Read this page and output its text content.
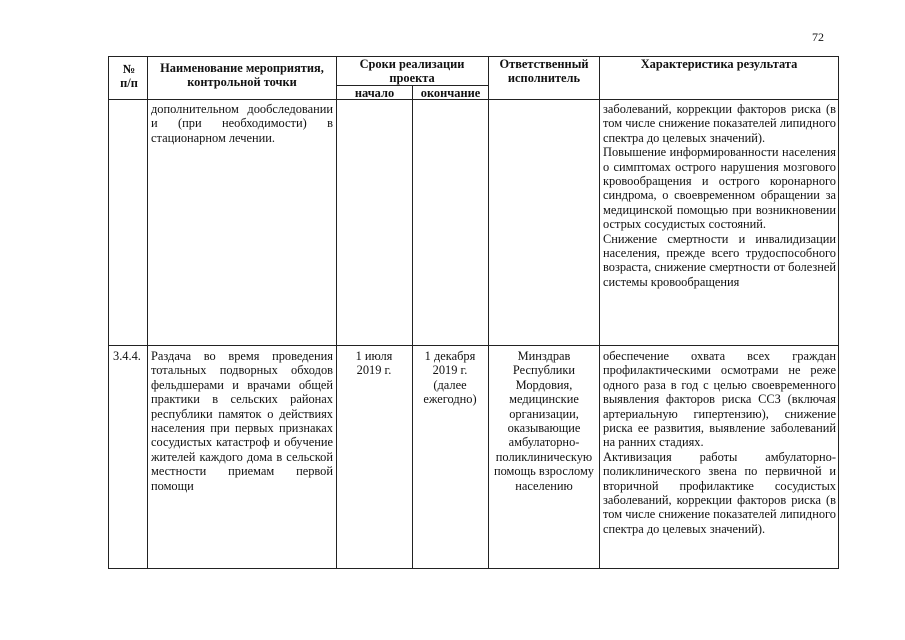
72
№ п/п
Наименование мероприятия, контрольной точки
Сроки реализации проекта
начало	окончание
Ответственный исполнитель
Характеристика результата
дополнительном дообследовании и (при необходимости) в стационарном лечении.

заболеваний, коррекции факторов риска (в том числе снижение показателей липидного спектра до целевых значений).

Повышение информированности населения о симптомах острого нарушения мозгового кровообращения и острого коронарного синдрома, о своевременном обращении за медицинской помощью при возникновении острых сосудистых состояний.

Снижение смертности и инвалидизации населения, прежде всего трудоспособного возраста, снижение смертности от болезней системы кровообращения

3.4.4. Раздача во время проведения тотальных подворных обходов фельдшерами и врачами общей практики в сельских районах республики памяток о действиях населения при первых признаках сосудистых катастроф и обучение жителей каждого дома в сельской местности приемам первой помощи
1 июля 2019 г.
1 декабря 2019 г. (далее ежегодно)
Минздрав Республики Мордовия, медицинские организации, оказывающие амбулаторно-поликлиническую помощь взрослому населению

обеспечение охвата всех граждан профилактическими осмотрами не реже одного раза в год с целью своевременного выявления факторов риска ССЗ (включая артериальную гипертензию), снижение риска ее развития, выявление заболеваний на ранних стадиях.

Активизация работы амбулаторно-поликлинического звена по первичной и вторичной профилактике сосудистых заболеваний, коррекции факторов риска (в том числе снижение показателей липидного спектра до целевых значений).
